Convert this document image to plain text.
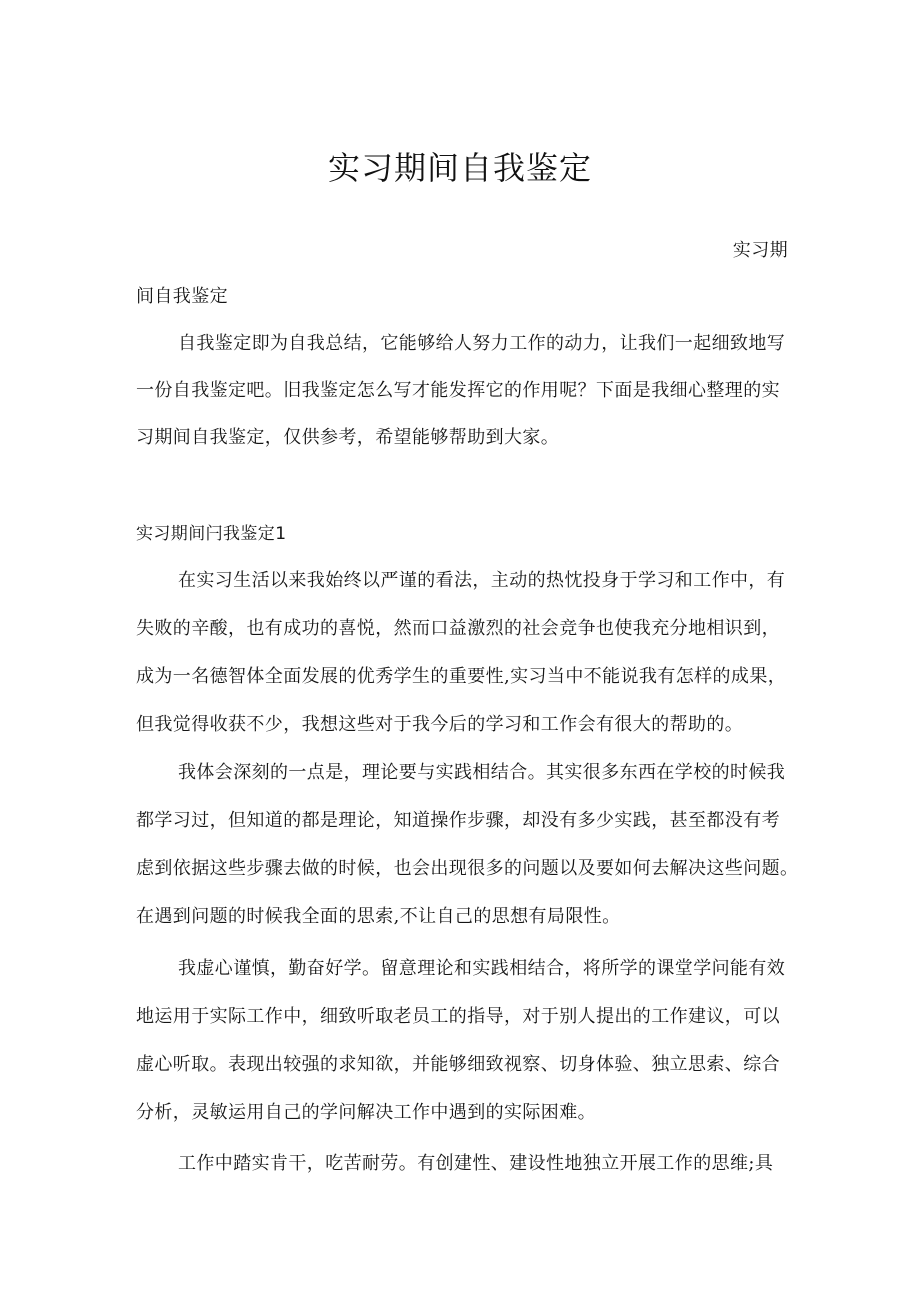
实习期间自我鉴定
实习期
间自我鉴定
自我鉴定即为自我总结，它能够给人努力工作的动力，让我们一起细致地写
一份自我鉴定吧。旧我鉴定怎么写才能发挥它的作用呢？下面是我细心整理的实
习期间自我鉴定，仅供参考，希望能够帮助到大家。
实习期间闩我鉴定1
在实习生活以来我始终以严谨的看法，主动的热忱投身于学习和工作中，有
失败的辛酸，也有成功的喜悦，然而口益激烈的社会竞争也使我充分地相识到，
成为一名德智体全面发展的优秀学生的重要性,实习当中不能说我有怎样的成果，
但我觉得收获不少，我想这些对于我今后的学习和工作会有很大的帮助的。
我体会深刻的一点是，理论要与实践相结合。其实很多东西在学校的时候我
都学习过，但知道的都是理论，知道操作步骤，却没有多少实践，甚至都没有考
虑到依据这些步骤去做的时候，也会出现很多的问题以及要如何去解决这些问题。
在遇到问题的时候我全面的思索,不让自己的思想有局限性。
我虚心谨慎，勤奋好学。留意理论和实践相结合，将所学的课堂学问能有效
地运用于实际工作中，细致听取老员工的指导，对于别人提出的工作建议，可以
虚心听取。表现出较强的求知欲，并能够细致视察、切身体验、独立思索、综合
分析，灵敏运用自己的学问解决工作中遇到的实际困难。
工作中踏实肯干，吃苦耐劳。有创建性、建设性地独立开展工作的思维;具
